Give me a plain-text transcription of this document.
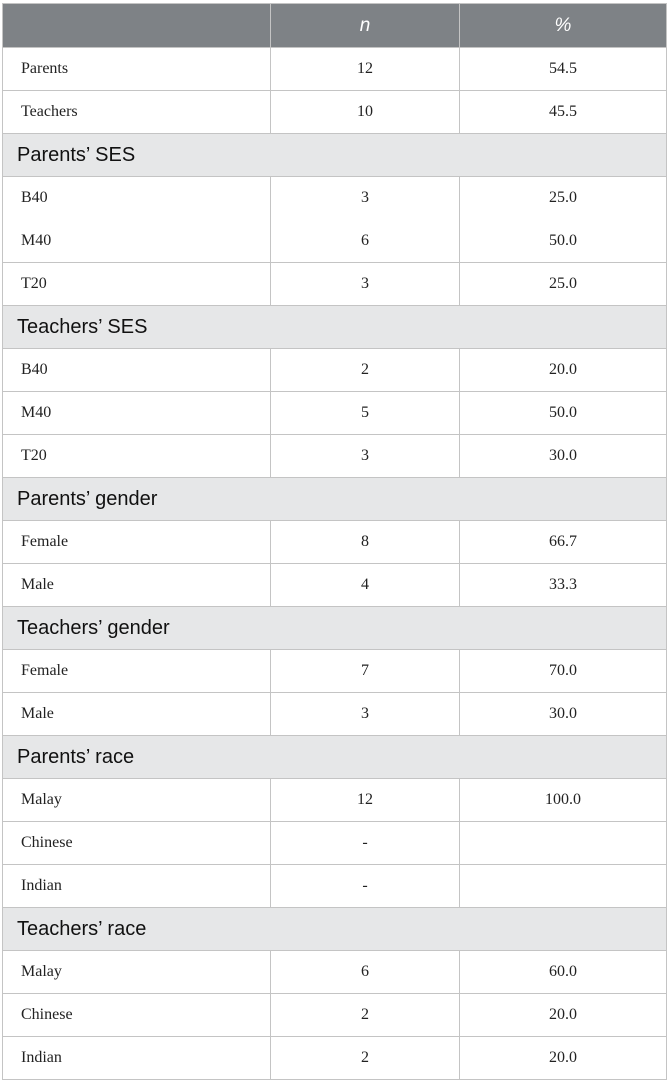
	n	%
Parents	12	54.5
Teachers	10	45.5
Parents’ SES		
B40	3	25.0
M40	6	50.0
T20	3	25.0
Teachers’ SES		
B40	2	20.0
M40	5	50.0
T20	3	30.0
Parents’ gender		
Female	8	66.7
Male	4	33.3
Teachers’ gender		
Female	7	70.0
Male	3	30.0
Parents’ race		
Malay	12	100.0
Chinese	-	
Indian	-	
Teachers’ race		
Malay	6	60.0
Chinese	2	20.0
Indian	2	20.0
